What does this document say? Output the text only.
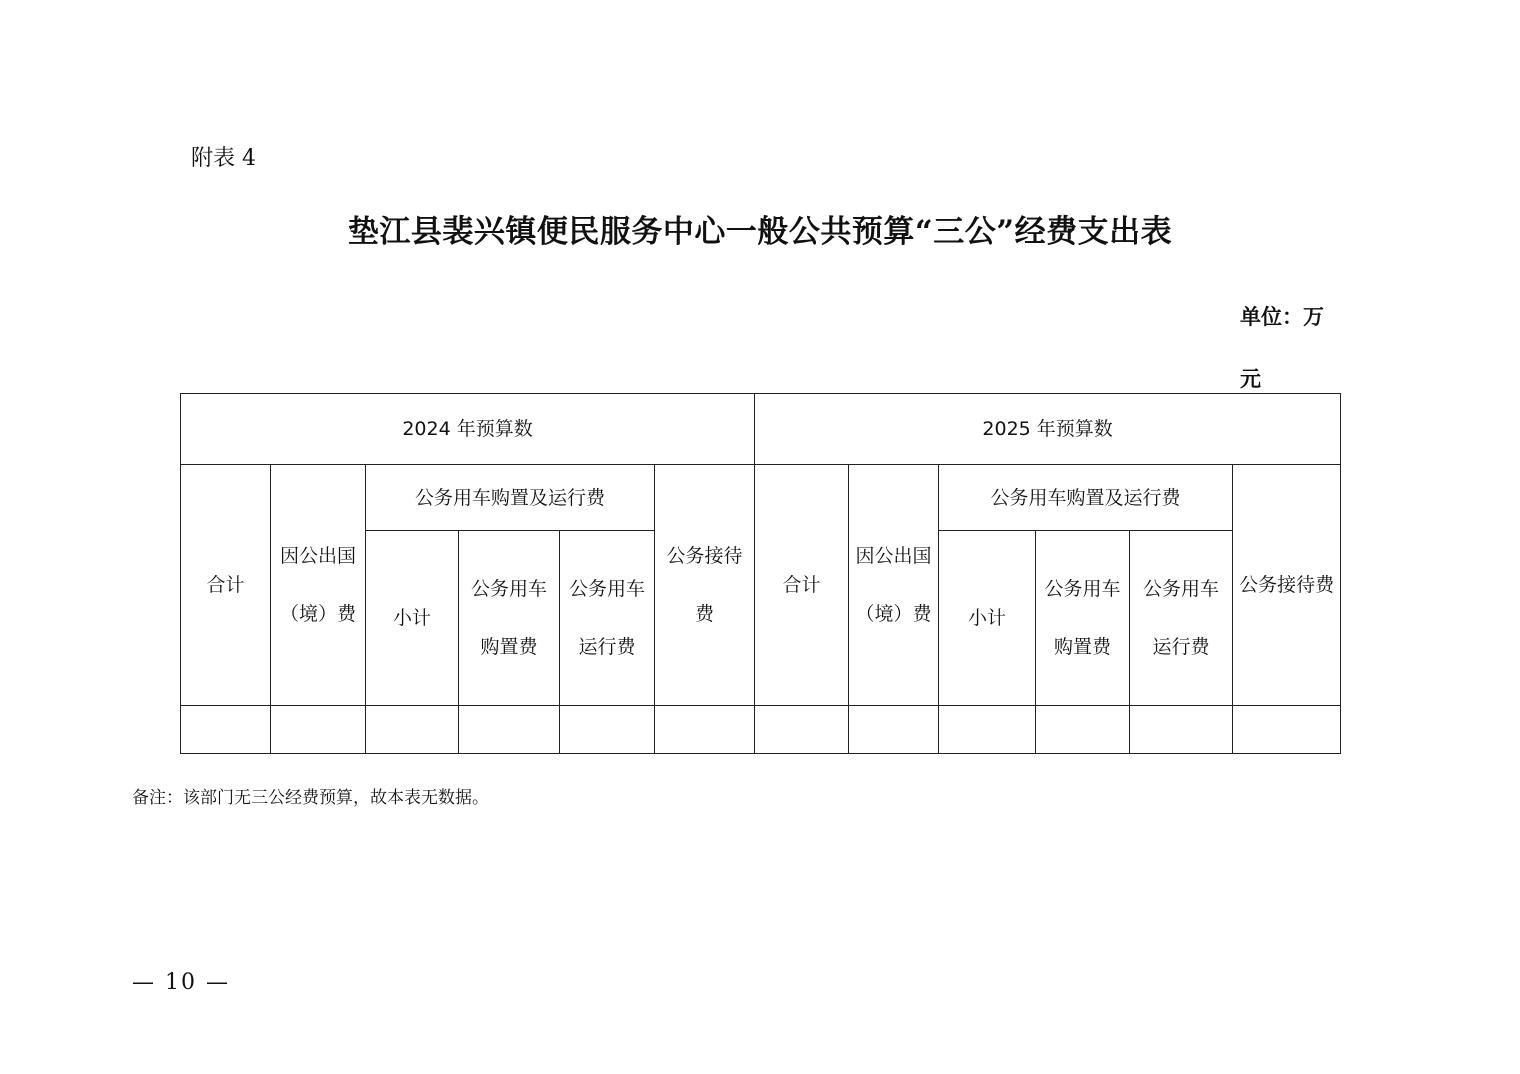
附表 4
垫江县裴兴镇便民服务中心一般公共预算“三公”经费支出表
单位：万元
2024 年预算数						2025 年预算数					
合计	因公出国（境）费	公务用车购置及运行费			公务接待费	合计	因公出国（境）费	公务用车购置及运行费			公务接待费
		小计	公务用车购置费	公务用车运行费				小计	公务用车购置费	公务用车运行费	

备注：该部门无三公经费预算，故本表无数据。
— 10 —
